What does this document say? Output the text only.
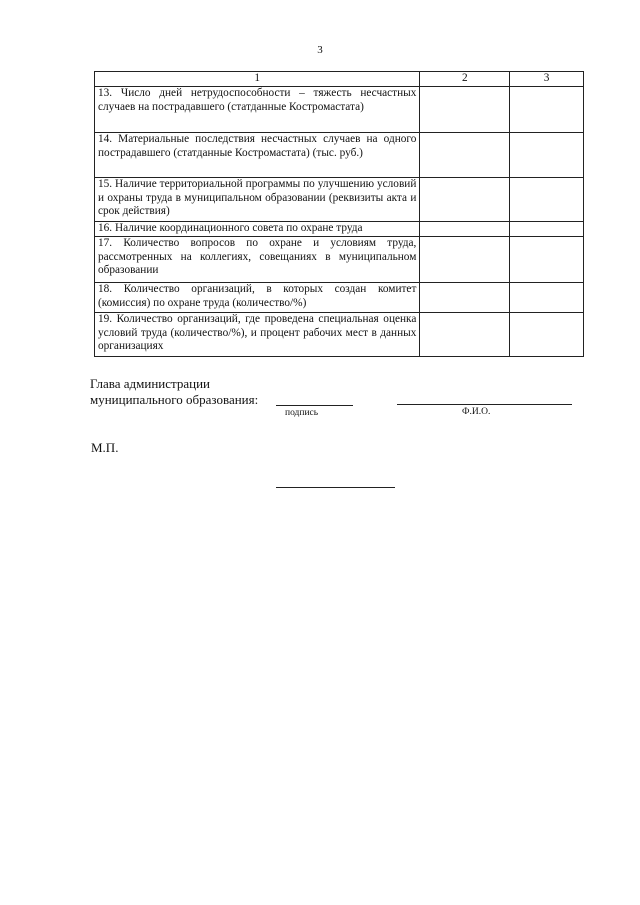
3
1	2	3
13. Число дней нетрудоспособности – тяжесть несчастных случаев на пострадавшего (статданные Костромастата)		
14. Материальные последствия несчастных случаев на одного пострадавшего (статданные Костромастата) (тыс. руб.)		
15. Наличие территориальной программы по улучшению условий и охраны труда в муниципальном образовании (реквизиты акта и срок действия)		
16. Наличие координационного совета по охране труда		
17. Количество вопросов по охране и условиям труда, рассмотренных на коллегиях, совещаниях в муниципальном образовании		
18. Количество организаций, в которых создан комитет (комиссия) по охране труда (количество/%)		
19. Количество организаций, где проведена специальная оценка условий труда (количество/%), и процент рабочих мест в данных организациях		
Глава администрации
муниципального образования:
подпись	Ф.И.О.
М.П.
